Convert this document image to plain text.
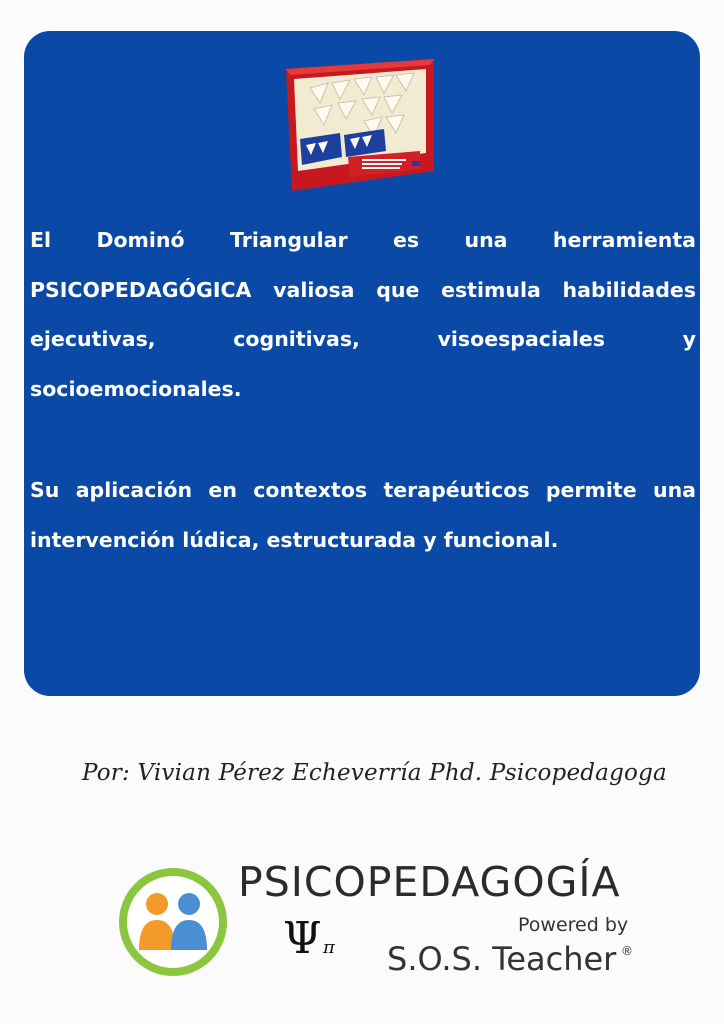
El Dominó Triangular es una herramienta PSICOPEDAGÓGICA valiosa que estimula habilidades ejecutivas, cognitivas, visoespaciales y socioemocionales.
Su aplicación en contextos terapéuticos permite una intervención lúdica, estructurada y funcional.
Por: Vivian Pérez Echeverría Phd. Psicopedagoga
PSICOPEDAGOGÍA
Ψ π
Powered by
S.O.S. Teacher ®
